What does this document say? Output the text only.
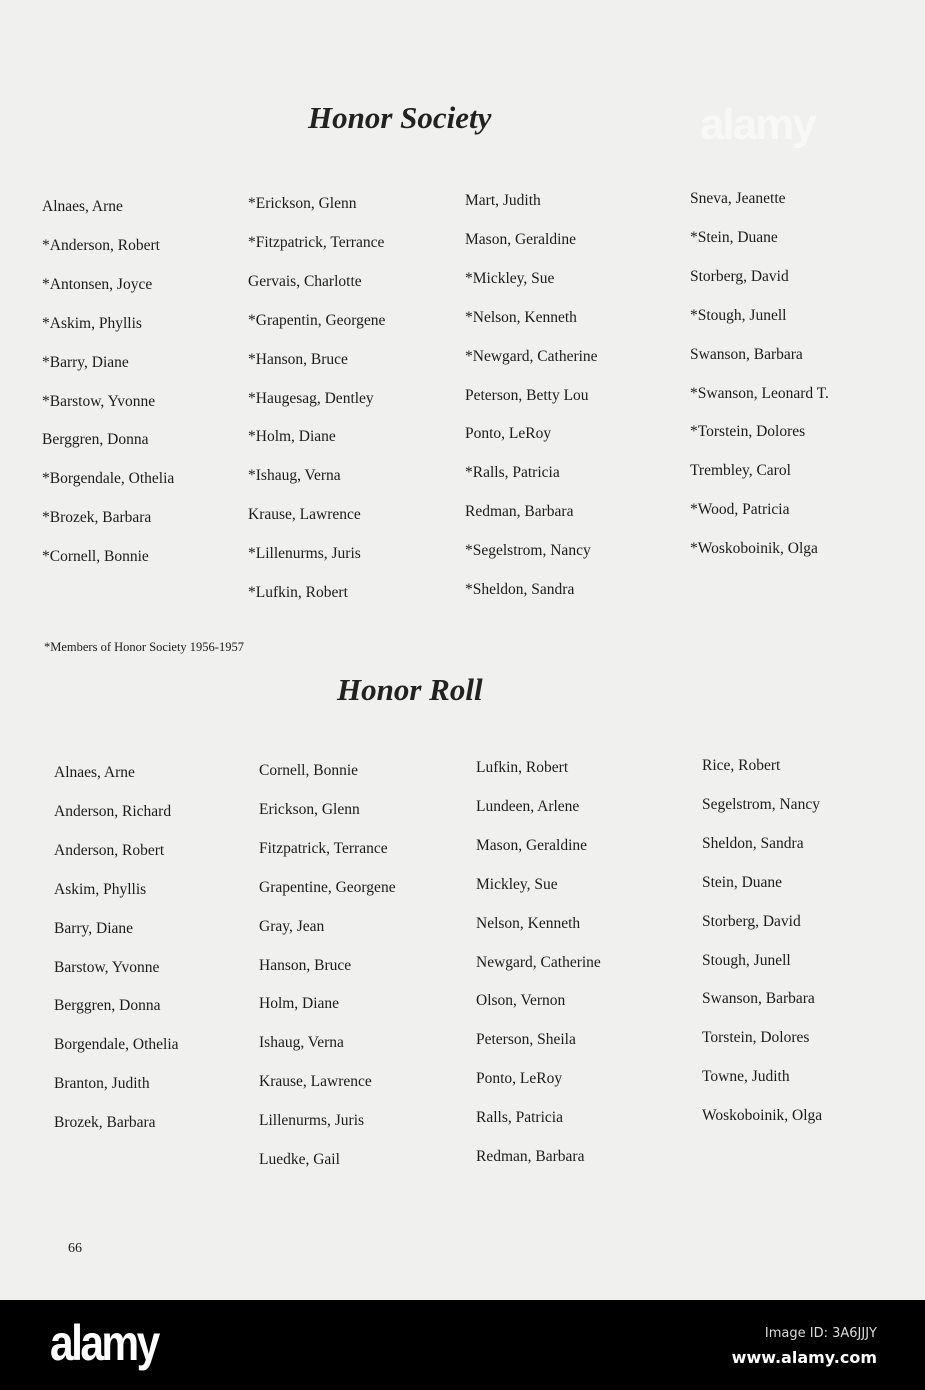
Honor Society
Alnaes, Arne
*Anderson, Robert
*Antonsen, Joyce
*Askim, Phyllis
*Barry, Diane
*Barstow, Yvonne
Berggren, Donna
*Borgendale, Othelia
*Brozek, Barbara
*Cornell, Bonnie
*Erickson, Glenn
*Fitzpatrick, Terrance
Gervais, Charlotte
*Grapentin, Georgene
*Hanson, Bruce
*Haugesag, Dentley
*Holm, Diane
*Ishaug, Verna
Krause, Lawrence
*Lillenurms, Juris
*Lufkin, Robert
Mart, Judith
Mason, Geraldine
*Mickley, Sue
*Nelson, Kenneth
*Newgard, Catherine
Peterson, Betty Lou
Ponto, LeRoy
*Ralls, Patricia
Redman, Barbara
*Segelstrom, Nancy
*Sheldon, Sandra
Sneva, Jeanette
*Stein, Duane
Storberg, David
*Stough, Junell
Swanson, Barbara
*Swanson, Leonard T.
*Torstein, Dolores
Trembley, Carol
*Wood, Patricia
*Woskoboinik, Olga
*Members of Honor Society 1956-1957
Honor Roll
Alnaes, Arne
Anderson, Richard
Anderson, Robert
Askim, Phyllis
Barry, Diane
Barstow, Yvonne
Berggren, Donna
Borgendale, Othelia
Branton, Judith
Brozek, Barbara
Cornell, Bonnie
Erickson, Glenn
Fitzpatrick, Terrance
Grapentine, Georgene
Gray, Jean
Hanson, Bruce
Holm, Diane
Ishaug, Verna
Krause, Lawrence
Lillenurms, Juris
Luedke, Gail
Lufkin, Robert
Lundeen, Arlene
Mason, Geraldine
Mickley, Sue
Nelson, Kenneth
Newgard, Catherine
Olson, Vernon
Peterson, Sheila
Ponto, LeRoy
Ralls, Patricia
Redman, Barbara
Rice, Robert
Segelstrom, Nancy
Sheldon, Sandra
Stein, Duane
Storberg, David
Stough, Junell
Swanson, Barbara
Torstein, Dolores
Towne, Judith
Woskoboinik, Olga
66
alamy
alamy	Image ID: 3A6JJJY
www.alamy.com
